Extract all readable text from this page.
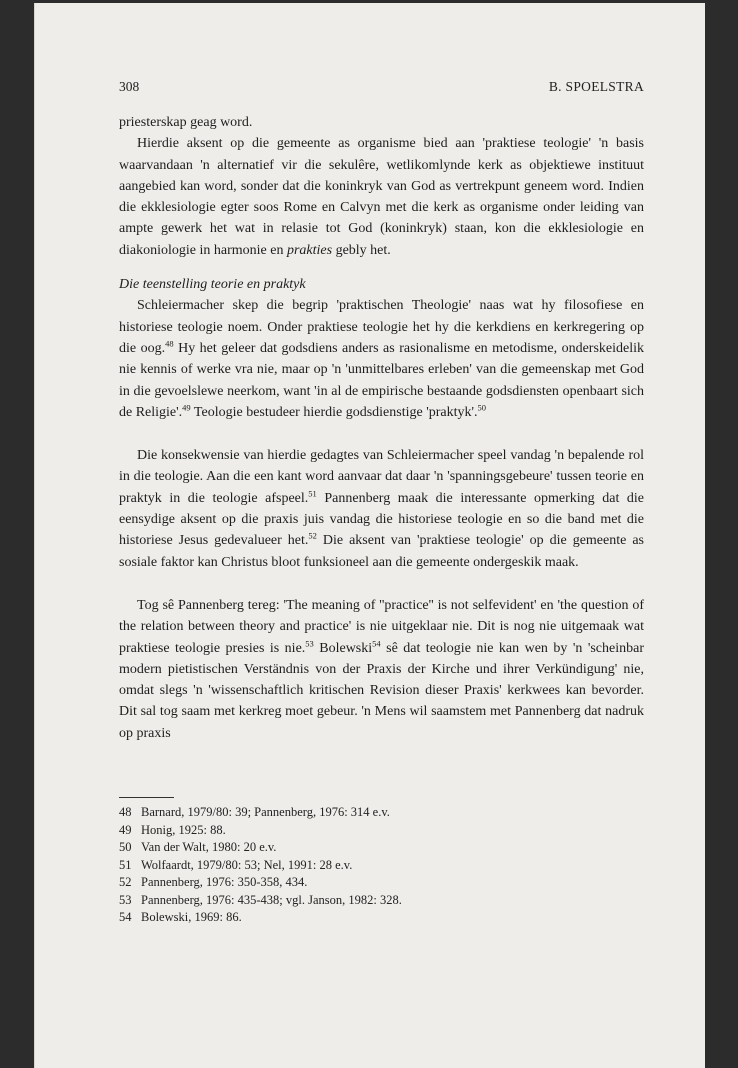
308	B. SPOELSTRA

priesterskap geag word.

Hierdie aksent op die gemeente as organisme bied aan 'praktiese teologie' 'n basis waarvandaan 'n alternatief vir die sekulêre, wetlikomlynde kerk as objektiewe instituut aangebied kan word, sonder dat die koninkryk van God as vertrekpunt geneem word. Indien die ekklesiologie egter soos Rome en Calvyn met die kerk as organisme onder leiding van ampte gewerk het wat in relasie tot God (koninkryk) staan, kon die ekklesiologie en diakoniologie in harmonie en prakties gebly het.

Die teenstelling teorie en praktyk

Schleiermacher skep die begrip 'praktischen Theologie' naas wat hy filosofiese en historiese teologie noem. Onder praktiese teologie het hy die kerkdiens en kerkregering op die oog.$^{48}$ Hy het geleer dat godsdiens anders as rasionalisme en metodisme, onderskeidelik nie kennis of werke vra nie, maar op 'n 'unmittelbares erleben' van die gemeenskap met God in die gevoelslewe neerkom, want 'in al de empirische bestaande godsdiensten openbaart sich de Religie'.$^{49}$ Teologie bestudeer hierdie godsdienstige 'praktyk'.$^{50}$

Die konsekwensie van hierdie gedagtes van Schleiermacher speel vandag 'n bepalende rol in die teologie. Aan die een kant word aanvaar dat daar 'n 'spanningsgebeure' tussen teorie en praktyk in die teologie afspeel.$^{51}$ Pannenberg maak die interessante opmerking dat die eensydige aksent op die praxis juis vandag die historiese teologie en so die band met die historiese Jesus gedevalueer het.$^{52}$ Die aksent van 'praktiese teologie' op die gemeente as sosiale faktor kan Christus bloot funksioneel aan die gemeente ondergeskik maak.

Tog sê Pannenberg tereg: 'The meaning of ''practice'' is not selfevident' en 'the question of the relation between theory and practice' is nie uitgeklaar nie. Dit is nog nie uitgemaak wat praktiese teologie presies is nie.$^{53}$ Bolewski$^{54}$ sê dat teologie nie kan wen by 'n 'scheinbar modern pietistischen Verständnis von der Praxis der Kirche und ihrer Verkündigung' nie, omdat slegs 'n 'wissenschaftlich kritischen Revision dieser Praxis' kerkwees kan bevorder. Dit sal tog saam met kerkreg moet gebeur. 'n Mens wil saamstem met Pannenberg dat nadruk op praxis

48 Barnard, 1979/80: 39; Pannenberg, 1976: 314 e.v.
49 Honig, 1925: 88.
50 Van der Walt, 1980: 20 e.v.
51 Wolfaardt, 1979/80: 53; Nel, 1991: 28 e.v.
52 Pannenberg, 1976: 350-358, 434.
53 Pannenberg, 1976: 435-438; vgl. Janson, 1982: 328.
54 Bolewski, 1969: 86.
